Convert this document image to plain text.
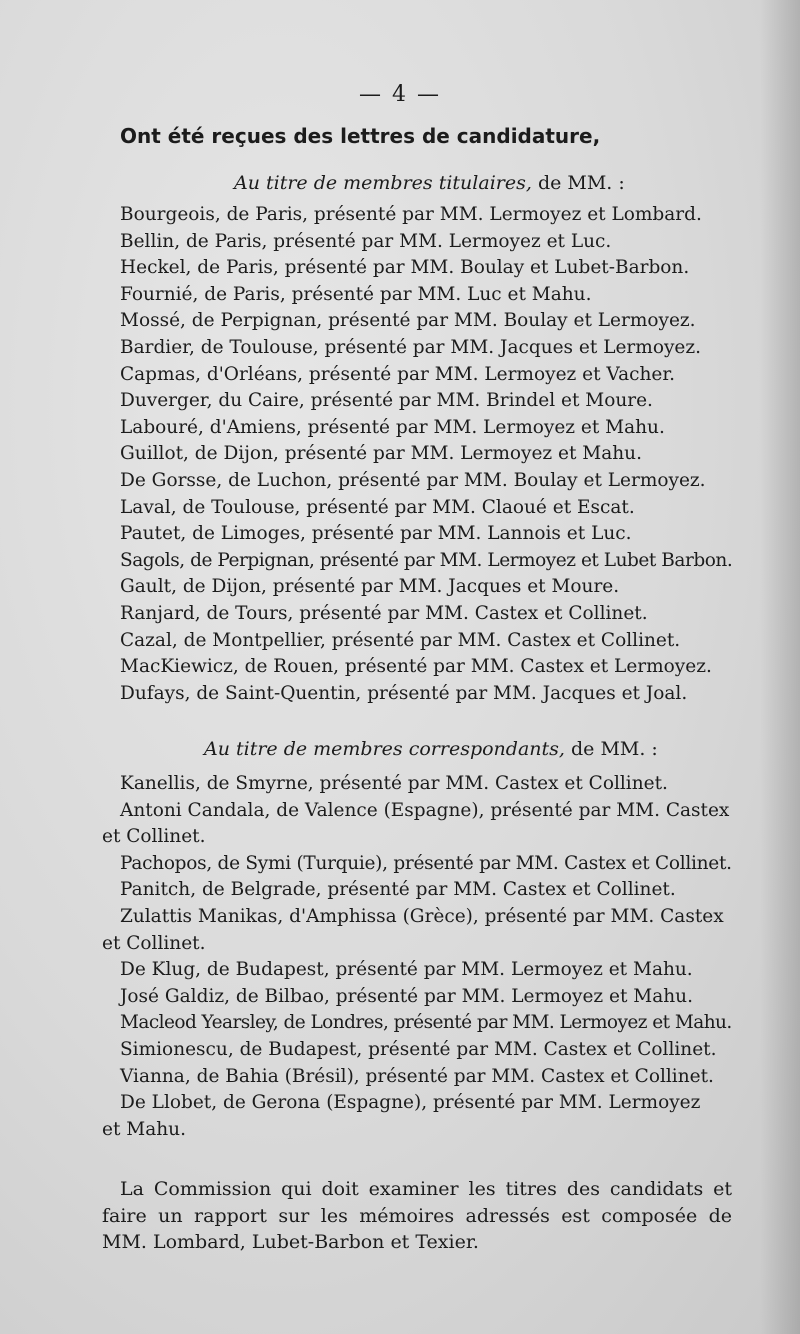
— 4 —
Ont été reçues des lettres de candidature,
Au titre de membres titulaires, de MM. :
Bourgeois, de Paris, présenté par MM. Lermoyez et Lombard.
Bellin, de Paris, présenté par MM. Lermoyez et Luc.
Heckel, de Paris, présenté par MM. Boulay et Lubet-Barbon.
Fournié, de Paris, présenté par MM. Luc et Mahu.
Mossé, de Perpignan, présenté par MM. Boulay et Lermoyez.
Bardier, de Toulouse, présenté par MM. Jacques et Lermoyez.
Capmas, d'Orléans, présenté par MM. Lermoyez et Vacher.
Duverger, du Caire, présenté par MM. Brindel et Moure.
Labouré, d'Amiens, présenté par MM. Lermoyez et Mahu.
Guillot, de Dijon, présenté par MM. Lermoyez et Mahu.
De Gorsse, de Luchon, présenté par MM. Boulay et Lermoyez.
Laval, de Toulouse, présenté par MM. Claoué et Escat.
Pautet, de Limoges, présenté par MM. Lannois et Luc.
Sagols, de Perpignan, présenté par MM. Lermoyez et Lubet Barbon.
Gault, de Dijon, présenté par MM. Jacques et Moure.
Ranjard, de Tours, présenté par MM. Castex et Collinet.
Cazal, de Montpellier, présenté par MM. Castex et Collinet.
MacKiewicz, de Rouen, présenté par MM. Castex et Lermoyez.
Dufays, de Saint-Quentin, présenté par MM. Jacques et Joal.
Au titre de membres correspondants, de MM. :
Kanellis, de Smyrne, présenté par MM. Castex et Collinet.
Antoni Candala, de Valence (Espagne), présenté par MM. Castex
et Collinet.
Pachopos, de Symi (Turquie), présenté par MM. Castex et Collinet.
Panitch, de Belgrade, présenté par MM. Castex et Collinet.
Zulattis Manikas, d'Amphissa (Grèce), présenté par MM. Castex
et Collinet.
De Klug, de Budapest, présenté par MM. Lermoyez et Mahu.
José Galdiz, de Bilbao, présenté par MM. Lermoyez et Mahu.
Macleod Yearsley, de Londres, présenté par MM. Lermoyez et Mahu.
Simionescu, de Budapest, présenté par MM. Castex et Collinet.
Vianna, de Bahia (Brésil), présenté par MM. Castex et Collinet.
De Llobet, de Gerona (Espagne), présenté par MM. Lermoyez
et Mahu.
La Commission qui doit examiner les titres des candidats et faire un rapport sur les mémoires adressés est composée de MM. Lombard, Lubet-Barbon et Texier.
